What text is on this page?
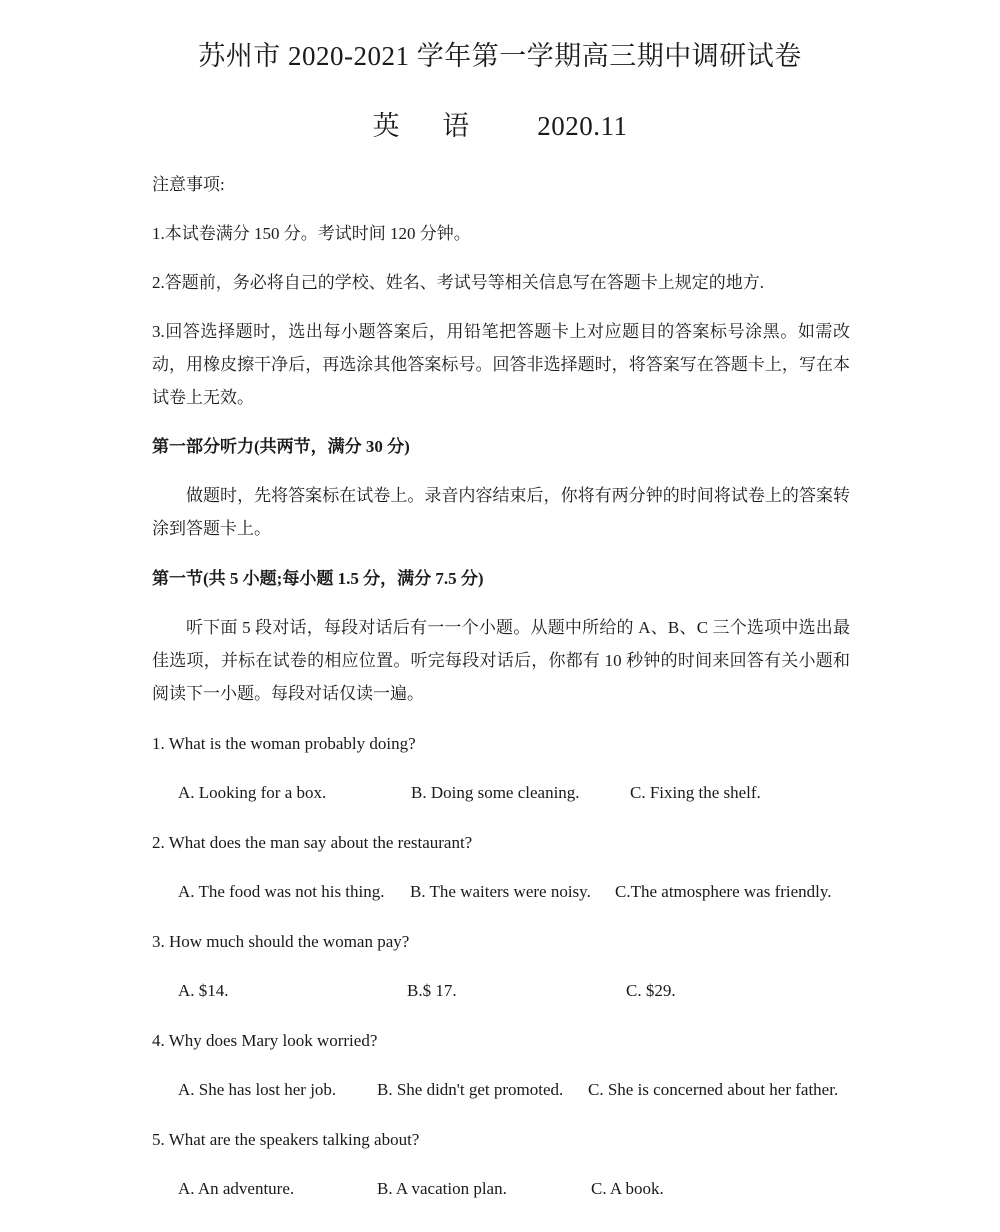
苏州市 2020-2021 学年第一学期高三期中调研试卷
英 语 2020.11
注意事项:
1.本试卷满分 150 分。考试时间 120 分钟。
2.答题前，务必将自己的学校、姓名、考试号等相关信息写在答题卡上规定的地方.
3.回答选择题时，选出每小题答案后，用铅笔把答题卡上对应题目的答案标号涂黑。如需改动，用橡皮擦干净后，再选涂其他答案标号。回答非选择题时，将答案写在答题卡上，写在本试卷上无效。
第一部分听力(共两节，满分 30 分)
做题时，先将答案标在试卷上。录音内容结束后，你将有两分钟的时间将试卷上的答案转涂到答题卡上。
第一节(共 5 小题;每小题 1.5 分，满分 7.5 分)
听下面 5 段对话，每段对话后有一一个小题。从题中所给的 A、B、C 三个选项中选出最佳选项，并标在试卷的相应位置。听完每段对话后，你都有 10 秒钟的时间来回答有关小题和阅读下一小题。每段对话仅读一遍。
1. What is the woman probably doing?
A. Looking for a box.	B. Doing some cleaning.	C. Fixing the shelf.
2. What does the man say about the restaurant?
A. The food was not his thing. B. The waiters were noisy. C.The atmosphere was friendly.
3. How much should the woman pay?
A. $14.	B.$ 17.	C. $29.
4. Why does Mary look worried?
A. She has lost her job. B. She didn't get promoted. C. She is concerned about her father.
5. What are the speakers talking about?
A. An adventure.	B. A vacation plan.	C. A book.
